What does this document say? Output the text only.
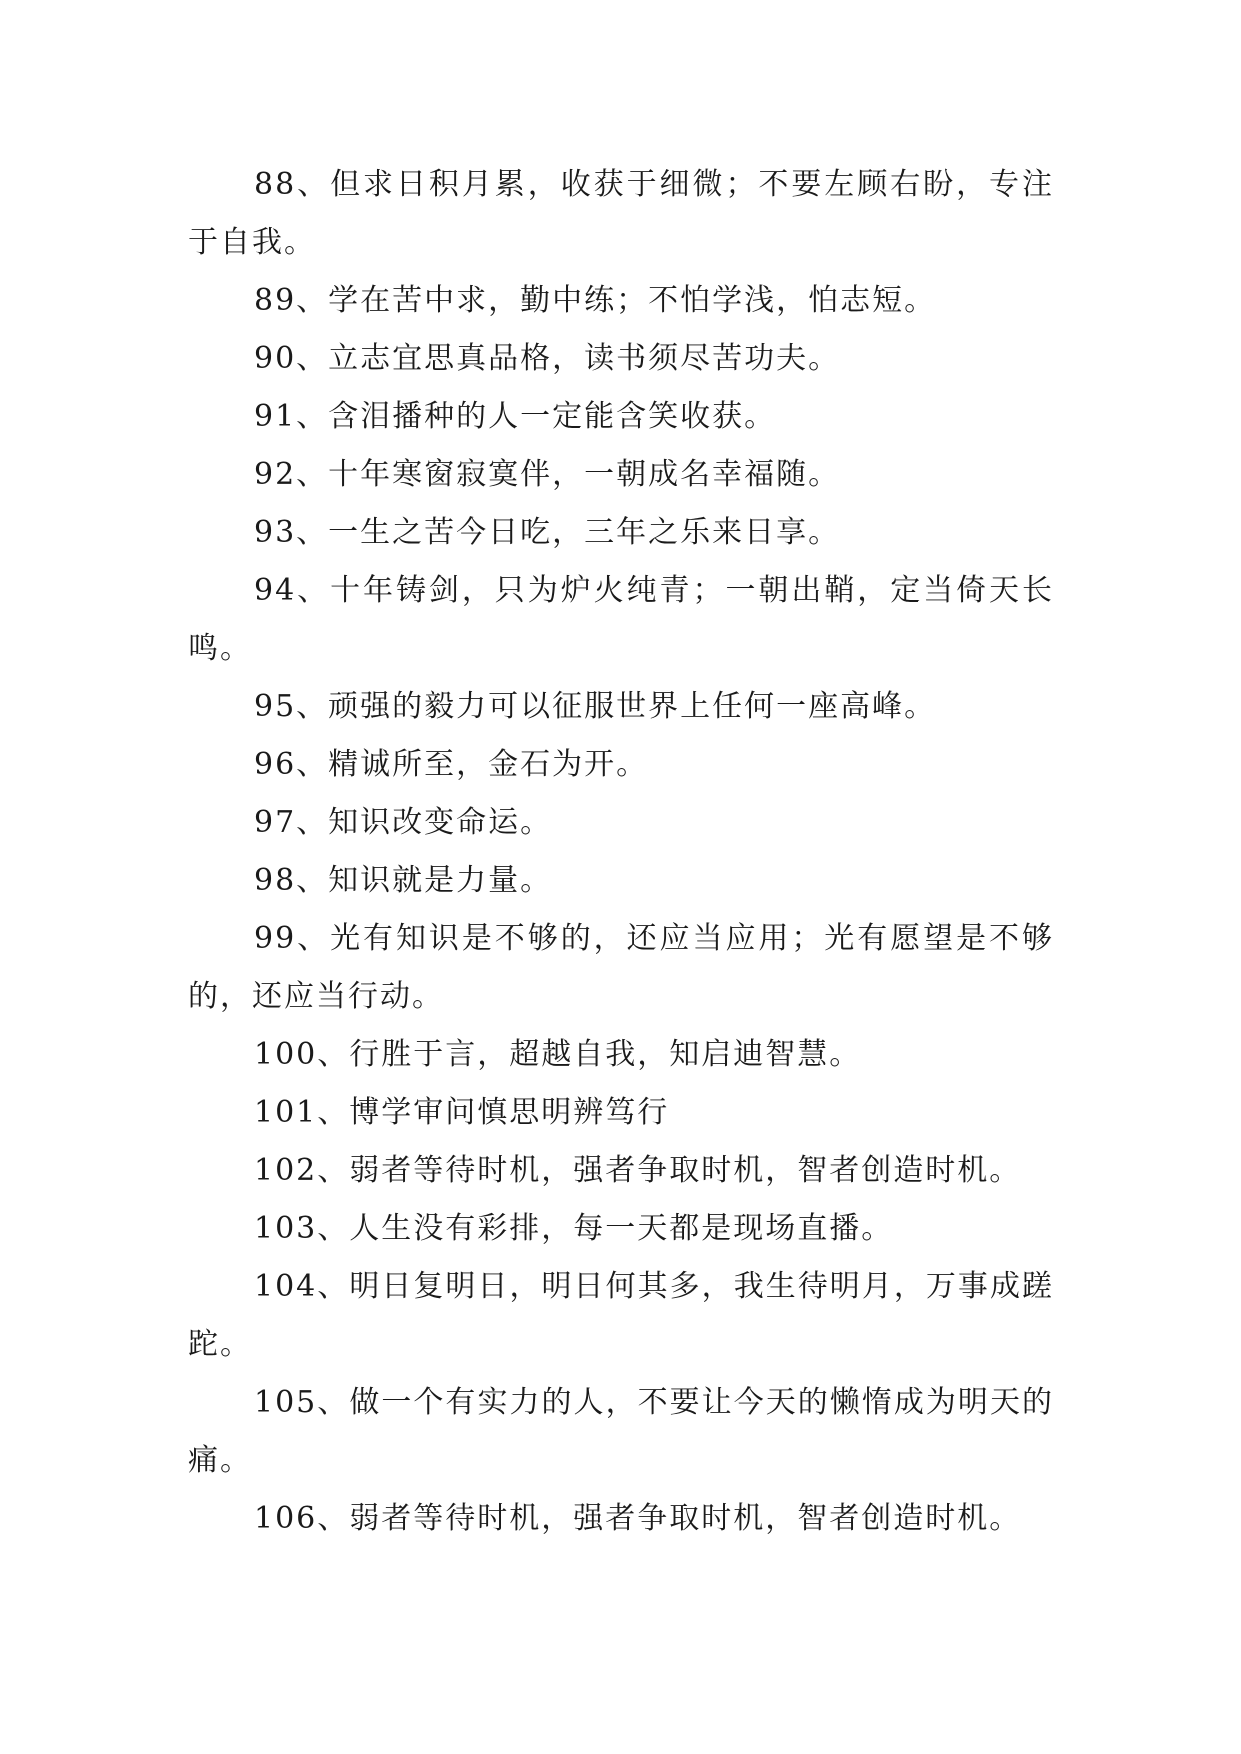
88、但求日积月累，收获于细微；不要左顾右盼，专注于自我。

89、学在苦中求，勤中练；不怕学浅，怕志短。

90、立志宜思真品格，读书须尽苦功夫。

91、含泪播种的人一定能含笑收获。

92、十年寒窗寂寞伴，一朝成名幸福随。

93、一生之苦今日吃，三年之乐来日享。

94、十年铸剑，只为炉火纯青；一朝出鞘，定当倚天长鸣。

95、顽强的毅力可以征服世界上任何一座高峰。

96、精诚所至，金石为开。

97、知识改变命运。

98、知识就是力量。

99、光有知识是不够的，还应当应用；光有愿望是不够的，还应当行动。

100、行胜于言，超越自我，知启迪智慧。

101、博学审问慎思明辨笃行

102、弱者等待时机，强者争取时机，智者创造时机。

103、人生没有彩排，每一天都是现场直播。

104、明日复明日，明日何其多，我生待明月，万事成蹉跎。

105、做一个有实力的人，不要让今天的懒惰成为明天的痛。

106、弱者等待时机，强者争取时机，智者创造时机。
